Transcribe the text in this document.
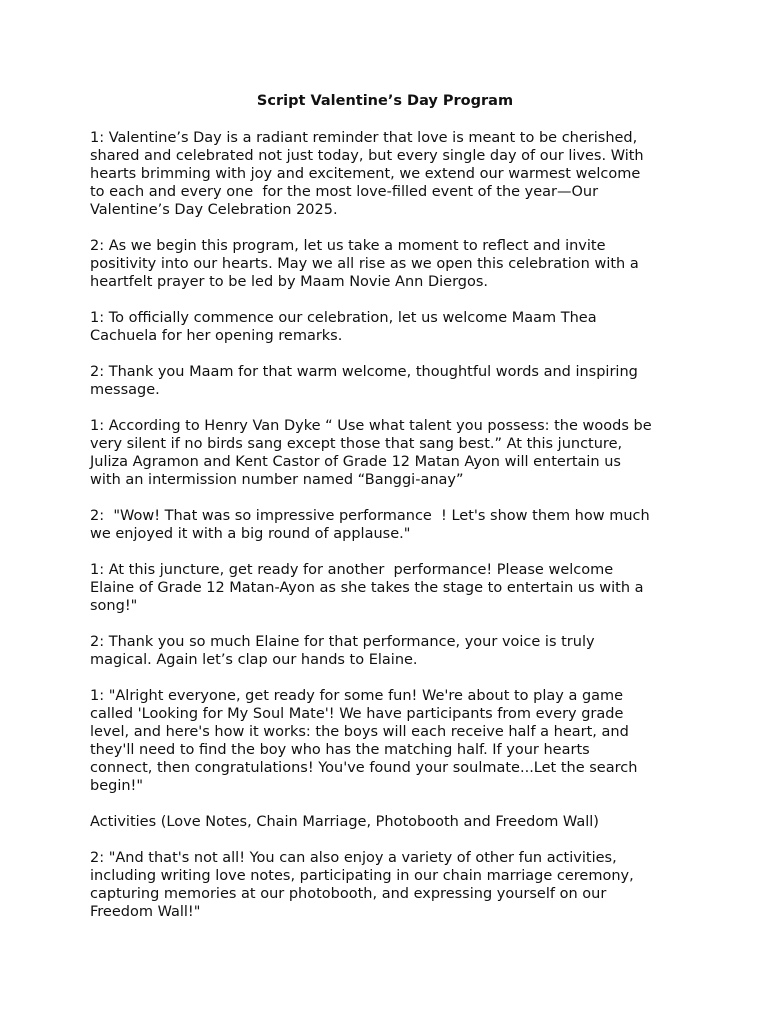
Script Valentine’s Day Program
1: Valentine’s Day is a radiant reminder that love is meant to be cherished,
shared and celebrated not just today, but every single day of our lives. With
hearts brimming with joy and excitement, we extend our warmest welcome
to each and every one  for the most love-filled event of the year—Our
Valentine’s Day Celebration 2025.
2: As we begin this program, let us take a moment to reflect and invite
positivity into our hearts. May we all rise as we open this celebration with a
heartfelt prayer to be led by Maam Novie Ann Diergos.
1: To officially commence our celebration, let us welcome Maam Thea
Cachuela for her opening remarks.
2: Thank you Maam for that warm welcome, thoughtful words and inspiring
message.
1: According to Henry Van Dyke “ Use what talent you possess: the woods be
very silent if no birds sang except those that sang best.” At this juncture,
Juliza Agramon and Kent Castor of Grade 12 Matan Ayon will entertain us
with an intermission number named “Banggi-anay”
2:  "Wow! That was so impressive performance  ! Let's show them how much
we enjoyed it with a big round of applause."
1: At this juncture, get ready for another  performance! Please welcome
Elaine of Grade 12 Matan-Ayon as she takes the stage to entertain us with a
song!"
2: Thank you so much Elaine for that performance, your voice is truly
magical. Again let’s clap our hands to Elaine.
1: "Alright everyone, get ready for some fun! We're about to play a game
called 'Looking for My Soul Mate'! We have participants from every grade
level, and here's how it works: the boys will each receive half a heart, and
they'll need to find the boy who has the matching half. If your hearts
connect, then congratulations! You've found your soulmate...Let the search
begin!"
Activities (Love Notes, Chain Marriage, Photobooth and Freedom Wall)
2: "And that's not all! You can also enjoy a variety of other fun activities,
including writing love notes, participating in our chain marriage ceremony,
capturing memories at our photobooth, and expressing yourself on our
Freedom Wall!"
